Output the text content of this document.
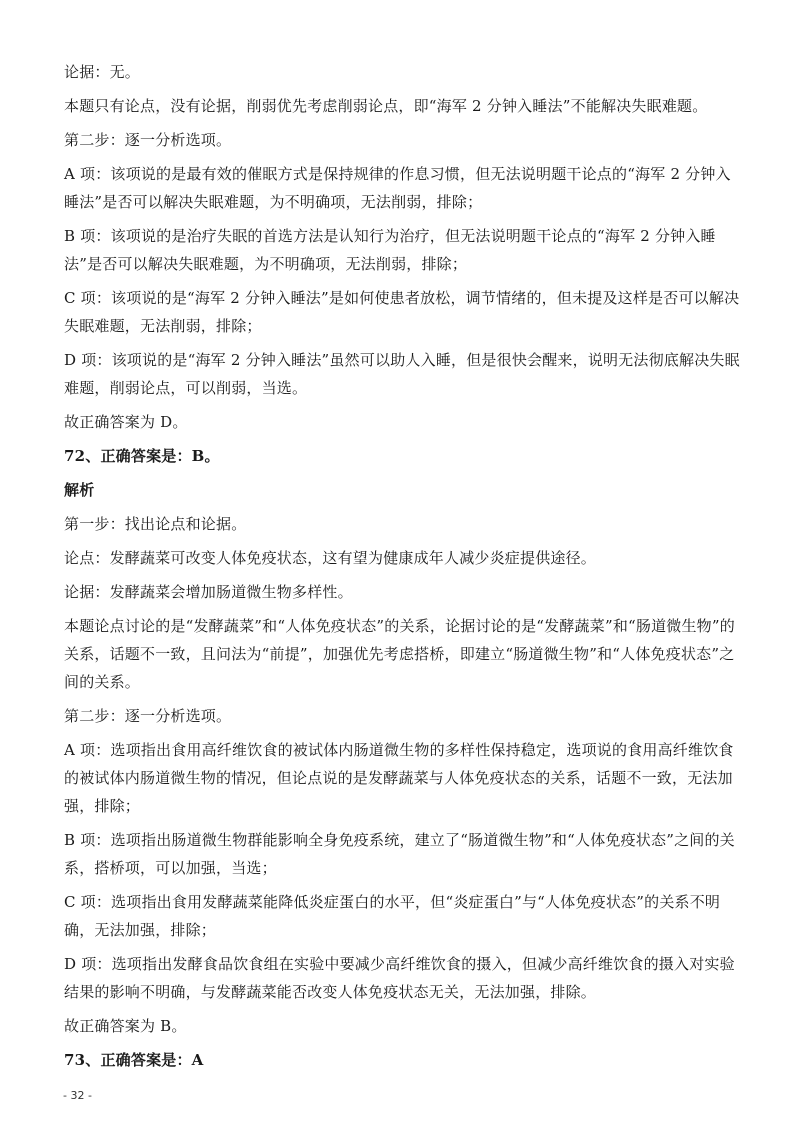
论据：无。

本题只有论点，没有论据，削弱优先考虑削弱论点，即“海军 2 分钟入睡法”不能解决失眠难题。

第二步：逐一分析选项。

A 项：该项说的是最有效的催眠方式是保持规律的作息习惯，但无法说明题干论点的“海军 2 分钟入睡法”是否可以解决失眠难题，为不明确项，无法削弱，排除；

B 项：该项说的是治疗失眠的首选方法是认知行为治疗，但无法说明题干论点的“海军 2 分钟入睡法”是否可以解决失眠难题，为不明确项，无法削弱，排除；

C 项：该项说的是“海军 2 分钟入睡法”是如何使患者放松，调节情绪的，但未提及这样是否可以解决失眠难题，无法削弱，排除；

D 项：该项说的是“海军 2 分钟入睡法”虽然可以助人入睡，但是很快会醒来，说明无法彻底解决失眠难题，削弱论点，可以削弱，当选。

故正确答案为 D。

72、正确答案是：B。

解析

第一步：找出论点和论据。

论点：发酵蔬菜可改变人体免疫状态，这有望为健康成年人减少炎症提供途径。

论据：发酵蔬菜会增加肠道微生物多样性。

本题论点讨论的是“发酵蔬菜”和“人体免疫状态”的关系，论据讨论的是“发酵蔬菜”和“肠道微生物”的关系，话题不一致，且问法为“前提”，加强优先考虑搭桥，即建立“肠道微生物”和“人体免疫状态”之间的关系。

第二步：逐一分析选项。

A 项：选项指出食用高纤维饮食的被试体内肠道微生物的多样性保持稳定，选项说的食用高纤维饮食的被试体内肠道微生物的情况，但论点说的是发酵蔬菜与人体免疫状态的关系，话题不一致，无法加强，排除；

B 项：选项指出肠道微生物群能影响全身免疫系统，建立了“肠道微生物”和“人体免疫状态”之间的关系，搭桥项，可以加强，当选；

C 项：选项指出食用发酵蔬菜能降低炎症蛋白的水平，但“炎症蛋白”与“人体免疫状态”的关系不明确，无法加强，排除；

D 项：选项指出发酵食品饮食组在实验中要减少高纤维饮食的摄入，但减少高纤维饮食的摄入对实验结果的影响不明确，与发酵蔬菜能否改变人体免疫状态无关，无法加强，排除。

故正确答案为 B。

73、正确答案是：A

- 32 -
